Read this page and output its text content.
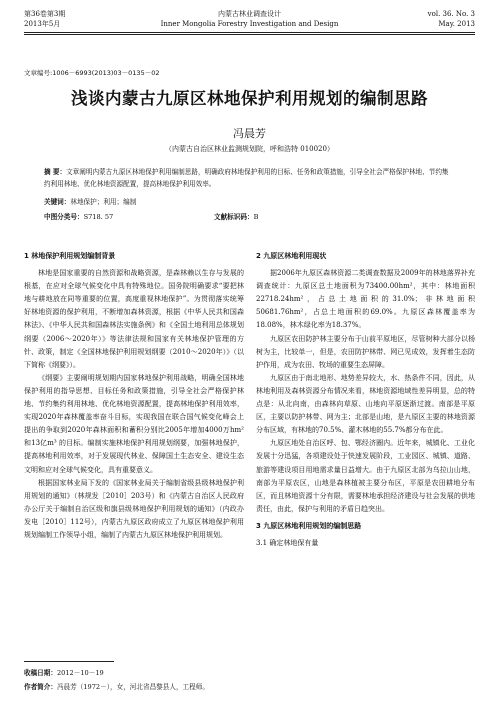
第36卷第3期
2013年5月
内蒙古林业调查设计
Inner Mongolia Forestry Investigation and Design
vol. 36. No. 3
May. 2013
文章编号:1006－6993(2013)03－0135－02
浅谈内蒙古九原区林地保护利用规划的编制思路
冯晨芳
（内蒙古自治区林业监测规划院，呼和浩特 010020）
摘 要：文章阐明内蒙古九原区林地保护利用编制思路，明确政府林地保护利用的目标、任务和政策措施，引导全社会严格保护林地、节约集约利用林地、优化林地资源配置，提高林地保护利用效率。
关键词：林地保护；利用；编制
中图分类号：S718. 57	文献标识码：B

1 林地保护利用规划编制背景

林地是国家重要的自然资源和战略资源，是森林赖以生存与发展的根基，在应对全球气候变化中具有特殊地位。国务院明确要求“要把林地与耕地放在同等重要的位置，高度重视林地保护”。为贯彻落实统筹好林地资源的保护利用，不断增加森林资源，根据《中华人民共和国森林法》、《中华人民共和国森林法实施条例》和《全国土地利用总体规划纲要（2006～2020年）》等法律法规和国家有关林地保护管理的方针、政策，制定《全国林地保护利用规划纲要（2010～2020年）》（以下简称《纲要》）。

《纲要》主要阐明规划期内国家林地保护利用战略，明确全国林地保护利用的指导思想、目标任务和政策措施，引导全社会严格保护林地、节约集约利用林地、优化林地资源配置，提高林地保护利用效率，实现2020年森林覆盖率奋斗目标，实现我国在联合国气候变化峰会上提出的争取到2020年森林面积和蓄积分别比2005年增加4000万hm² 和13亿m³ 的目标。编制实施林地保护利用规划纲要，加强林地保护，提高林地利用效率，对于发展现代林业、保障国土生态安全、建设生态文明和应对全球气候变化，具有重要意义。

根据国家林业局下发的《国家林业局关于编制省级县级林地保护利用规划的通知》（林规发［2010］203号）和《内蒙古自治区人民政府办公厅关于编制自治区级和旗县级林地保护利用规划的通知》（内政办发电［2010］112号），内蒙古九原区政府成立了九原区林地保护利用规划编制工作领导小组，编制了内蒙古九原区林地保护利用规划。

2 九原区林地利用现状

据2006年九原区森林资源二类调查数据及2009年的林地落界补充调查统计：九原区总土地面积为73400.00hm²，其中：林地面积22718.24hm²，占总土地面积的31.0%；非林地面积50681.76hm²，占总土地面积的69.0%。九原区森林覆盖率为18.08%，林木绿化率为18.37%。

九原区农田防护林主要分布于山前平原地区，尽管树种大部分以杨树为主，比较单一，但是，农田防护林带、网已见成效，发挥着生态防护作用，成为农田、牧场的重要生态屏障。

九原区由于南北地形、地势差异较大，水、热条件不同，因此，从林地利用及森林资源分布情况来看，林地资源地域性差异明显，总的特点是：从北向南，由森林向草原、山地向平原逐渐过渡。南部是平原区，主要以防护林带、网为主；北部是山地，是九原区主要的林地资源分布区域，有林地的70.5%、灌木林地的55.7%都分布在此。

九原区地处自治区呼、包、鄂经济圈内。近年来，城镇化、工业化发展十分迅猛，各项建设处于快速发展阶段，工业园区、城镇、道路、旅游等建设项目用地需求量日益增大。由于九原区北部为乌拉山山地，南部为平原农区，山地是森林植被主要分布区，平原是农田耕地分布区，而且林地资源十分有限，需要林地承担经济建设与社会发展的供地责任，由此，保护与利用的矛盾日趋突出。

3 九原区林地利用规划的编制思路

3.1 确定林地保有量

收稿日期：2012－10－19
作者简介：冯晨芳（1972－），女，河北省昌黎县人，工程师。
